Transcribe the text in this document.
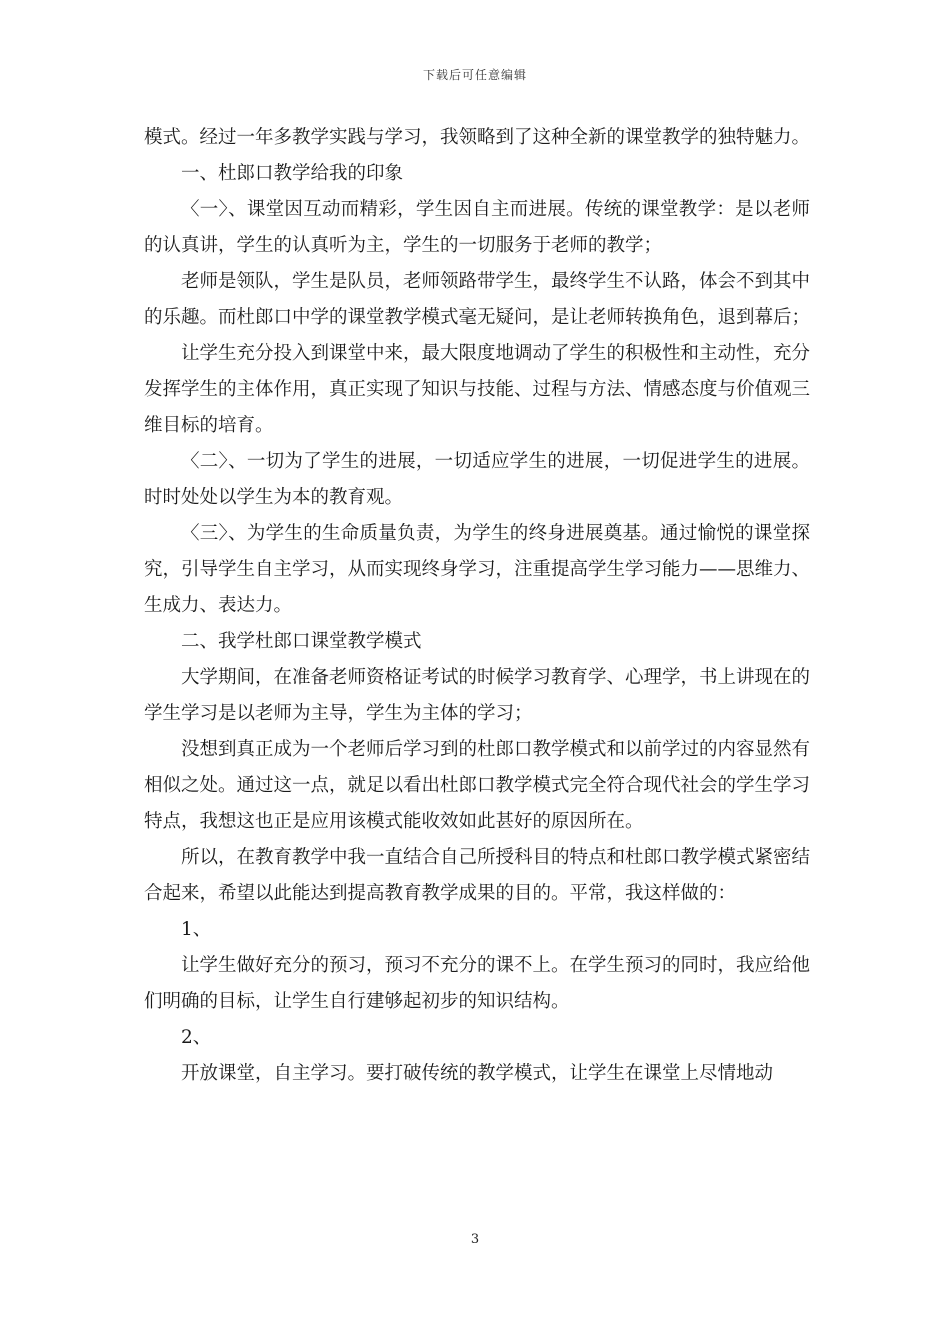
下载后可任意编辑

模式。经过一年多教学实践与学习，我领略到了这种全新的课堂教学的独特魅力。

一、杜郎口教学给我的印象

〈一〉、课堂因互动而精彩，学生因自主而进展。传统的课堂教学：是以老师的认真讲，学生的认真听为主，学生的一切服务于老师的教学；

老师是领队，学生是队员，老师领路带学生，最终学生不认路，体会不到其中的乐趣。而杜郎口中学的课堂教学模式毫无疑问，是让老师转换角色，退到幕后；

让学生充分投入到课堂中来，最大限度地调动了学生的积极性和主动性，充分发挥学生的主体作用，真正实现了知识与技能、过程与方法、情感态度与价值观三维目标的培育。

〈二〉、一切为了学生的进展，一切适应学生的进展，一切促进学生的进展。时时处处以学生为本的教育观。

〈三〉、为学生的生命质量负责，为学生的终身进展奠基。通过愉悦的课堂探究，引导学生自主学习，从而实现终身学习，注重提高学生学习能力——思维力、生成力、表达力。

二、我学杜郎口课堂教学模式

大学期间，在准备老师资格证考试的时候学习教育学、心理学，书上讲现在的学生学习是以老师为主导，学生为主体的学习；

没想到真正成为一个老师后学习到的杜郎口教学模式和以前学过的内容显然有相似之处。通过这一点，就足以看出杜郎口教学模式完全符合现代社会的学生学习特点，我想这也正是应用该模式能收效如此甚好的原因所在。

所以，在教育教学中我一直结合自己所授科目的特点和杜郎口教学模式紧密结合起来，希望以此能达到提高教育教学成果的目的。平常，我这样做的：

1、

让学生做好充分的预习，预习不充分的课不上。在学生预习的同时，我应给他们明确的目标，让学生自行建够起初步的知识结构。

2、

开放课堂，自主学习。要打破传统的教学模式，让学生在课堂上尽情地动

3
